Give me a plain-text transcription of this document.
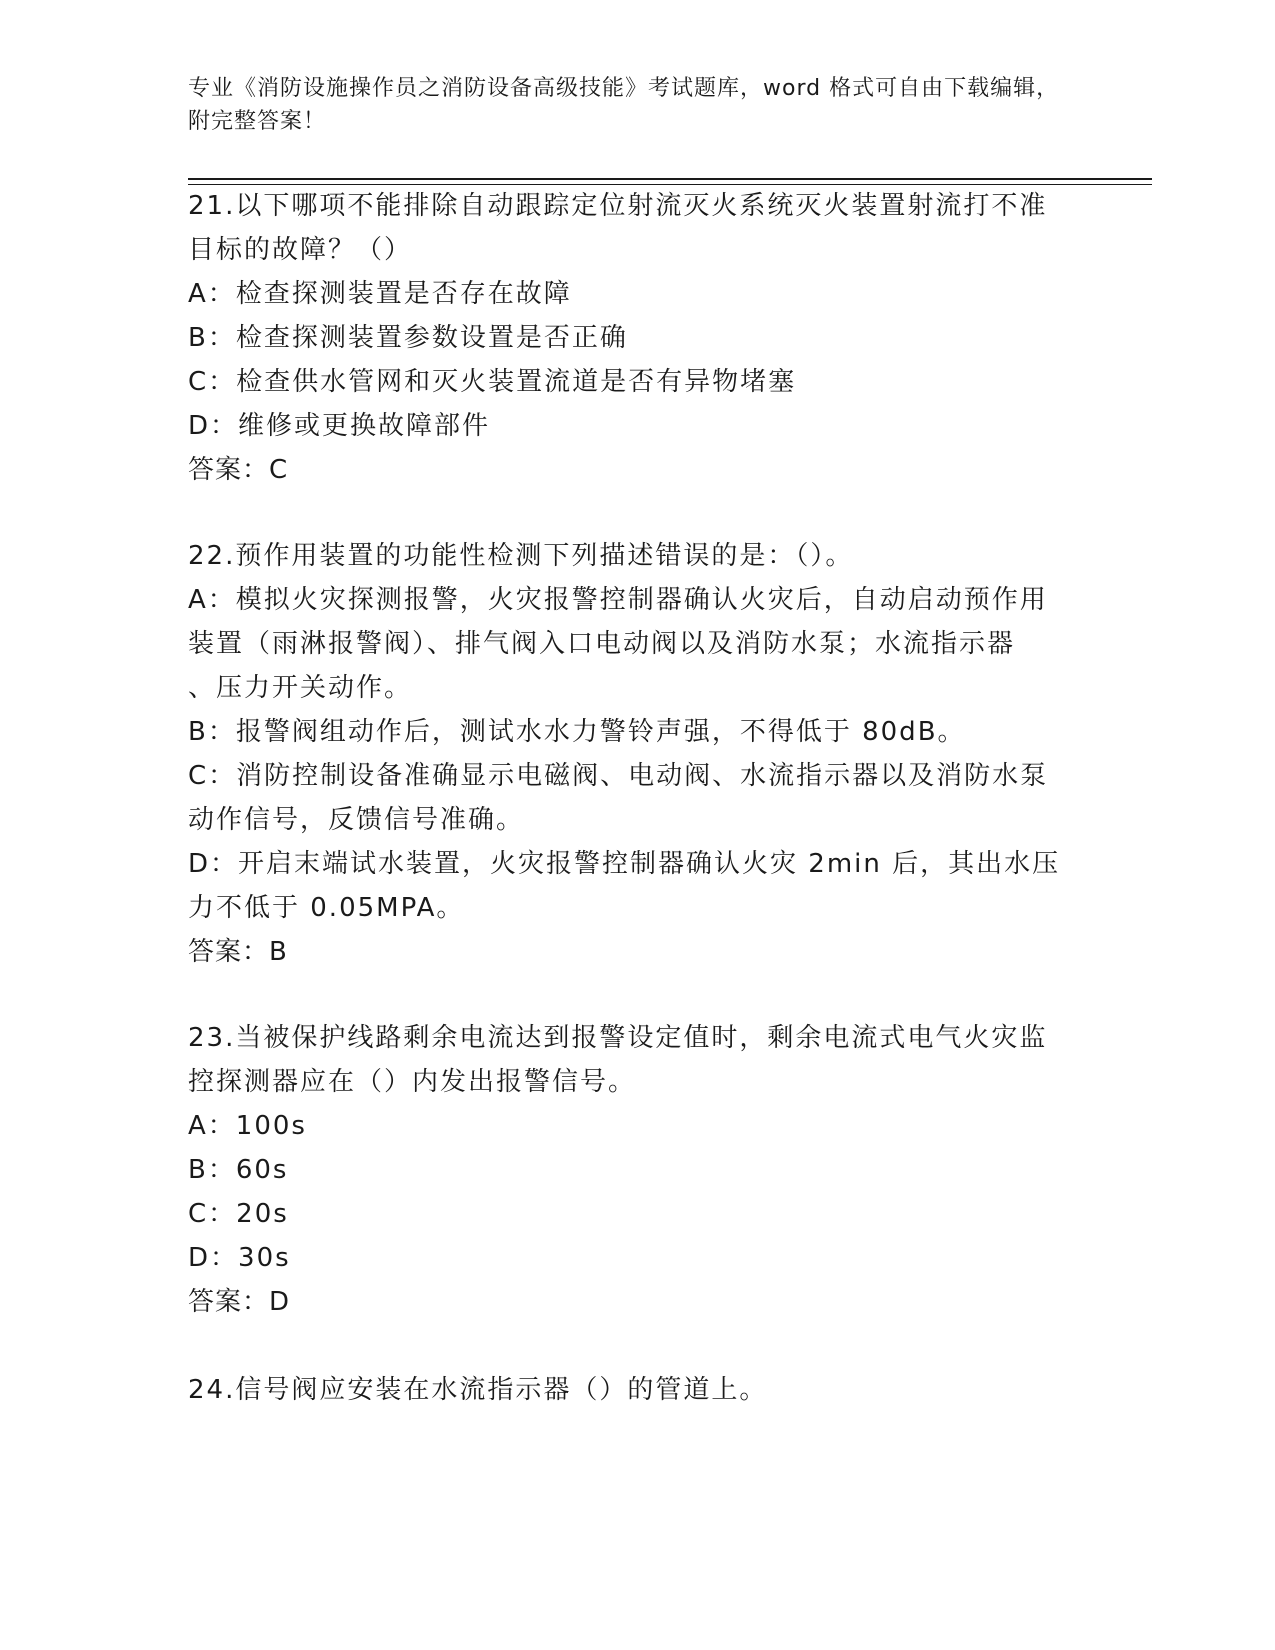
专业《消防设施操作员之消防设备高级技能》考试题库，word 格式可自由下载编辑，附完整答案！
21.以下哪项不能排除自动跟踪定位射流灭火系统灭火装置射流打不准
目标的故障？（）
A：检查探测装置是否存在故障
B：检查探测装置参数设置是否正确
C：检查供水管网和灭火装置流道是否有异物堵塞
D：维修或更换故障部件
答案：C
22.预作用装置的功能性检测下列描述错误的是：（）。
A：模拟火灾探测报警，火灾报警控制器确认火灾后，自动启动预作用
装置（雨淋报警阀）、排气阀入口电动阀以及消防水泵；水流指示器
、压力开关动作。
B：报警阀组动作后，测试水水力警铃声强，不得低于 80dB。
C：消防控制设备准确显示电磁阀、电动阀、水流指示器以及消防水泵
动作信号，反馈信号准确。
D：开启末端试水装置，火灾报警控制器确认火灾 2min 后，其出水压
力不低于 0.05MPA。
答案：B
23.当被保护线路剩余电流达到报警设定值时，剩余电流式电气火灾监
控探测器应在（）内发出报警信号。
A：100s
B：60s
C：20s
D：30s
答案：D
24.信号阀应安装在水流指示器（）的管道上。
